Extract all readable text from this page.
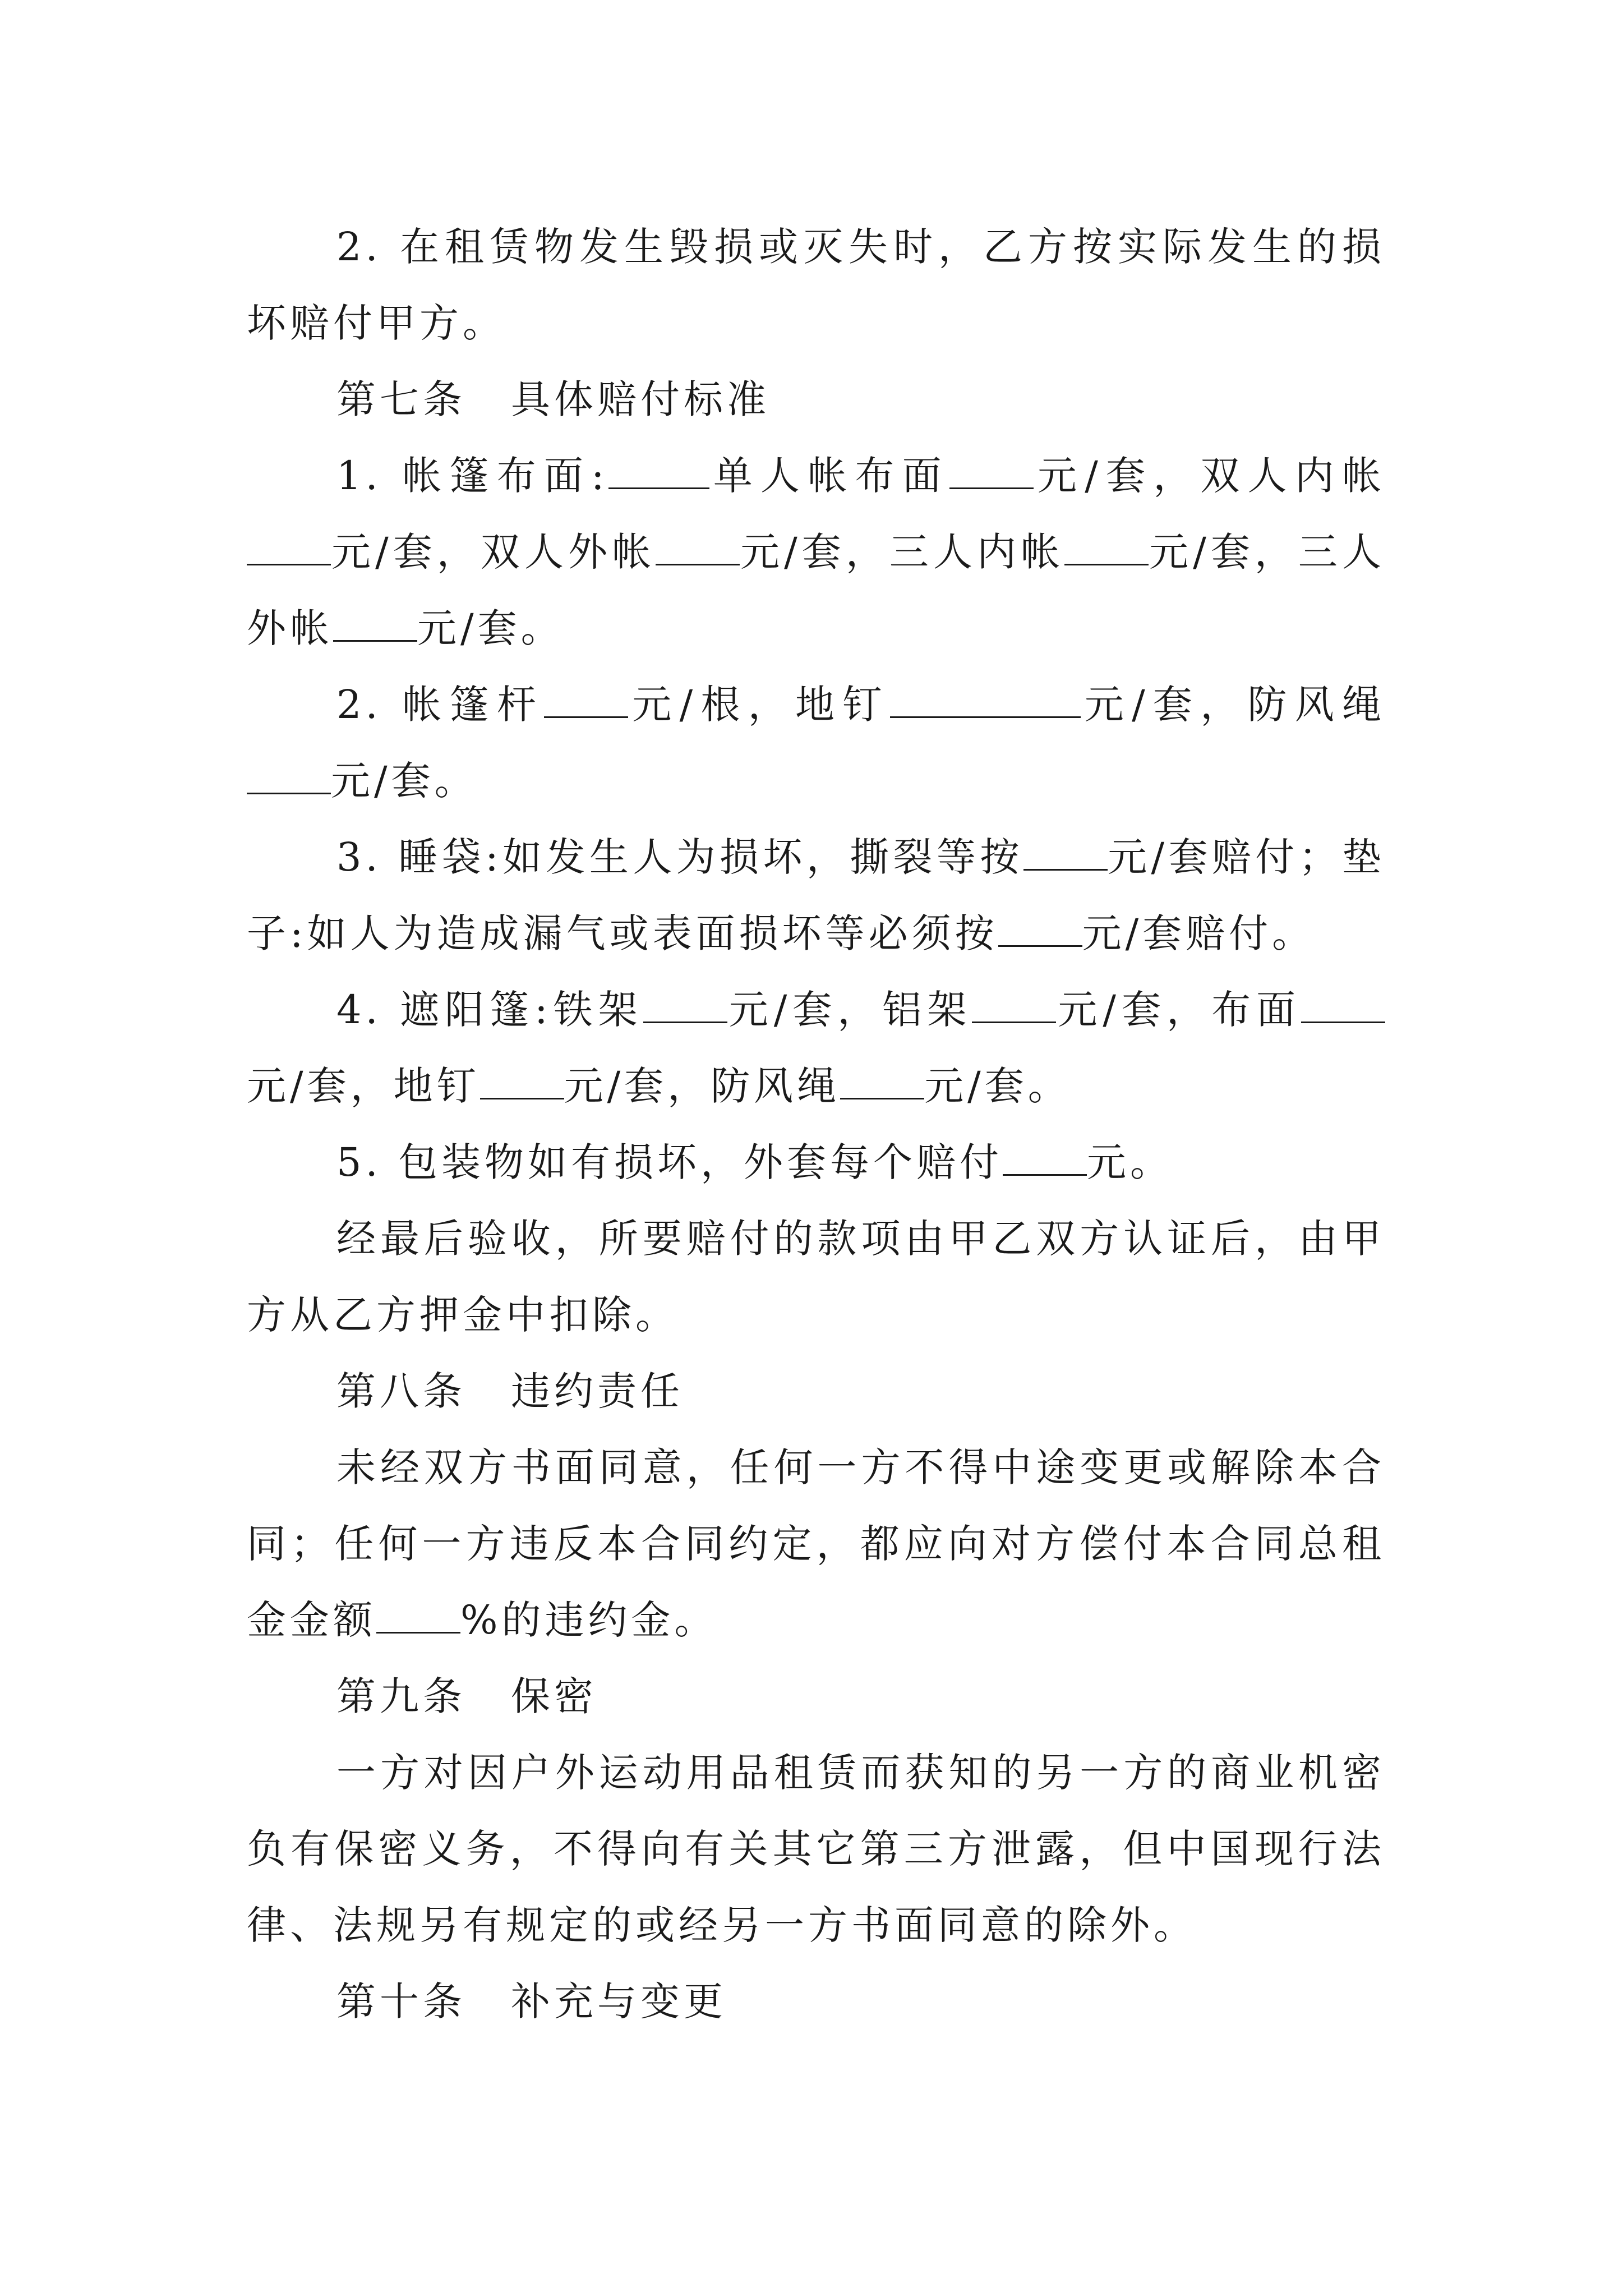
2. 在租赁物发生毁损或灭失时，乙方按实际发生的损坏赔付甲方。

第七条 具体赔付标准

1. 帐篷布面:	单人帐布面 元/套，双人内帐元/套，双人外帐 元/套，三人内帐 元/套，三人外帐 元/套。

2. 帐篷杆 元/根，地钉	元/套，防风绳元/套。

3. 睡袋:如发生人为损坏，撕裂等按 元/套赔付；垫子:如人为造成漏气或表面损坏等必须按 元/套赔付。

4. 遮阳篷:铁架 元/套，铝架 元/套，布面元/套，地钉 元/套，防风绳 元/套。

5. 包装物如有损坏，外套每个赔付 元。

经最后验收，所要赔付的款项由甲乙双方认证后，由甲方从乙方押金中扣除。

第八条 违约责任

未经双方书面同意，任何一方不得中途变更或解除本合同；任何一方违反本合同约定，都应向对方偿付本合同总租金金额 %的违约金。

第九条 保密

一方对因户外运动用品租赁而获知的另一方的商业机密负有保密义务，不得向有关其它第三方泄露，但中国现行法律、法规另有规定的或经另一方书面同意的除外。

第十条 补充与变更
